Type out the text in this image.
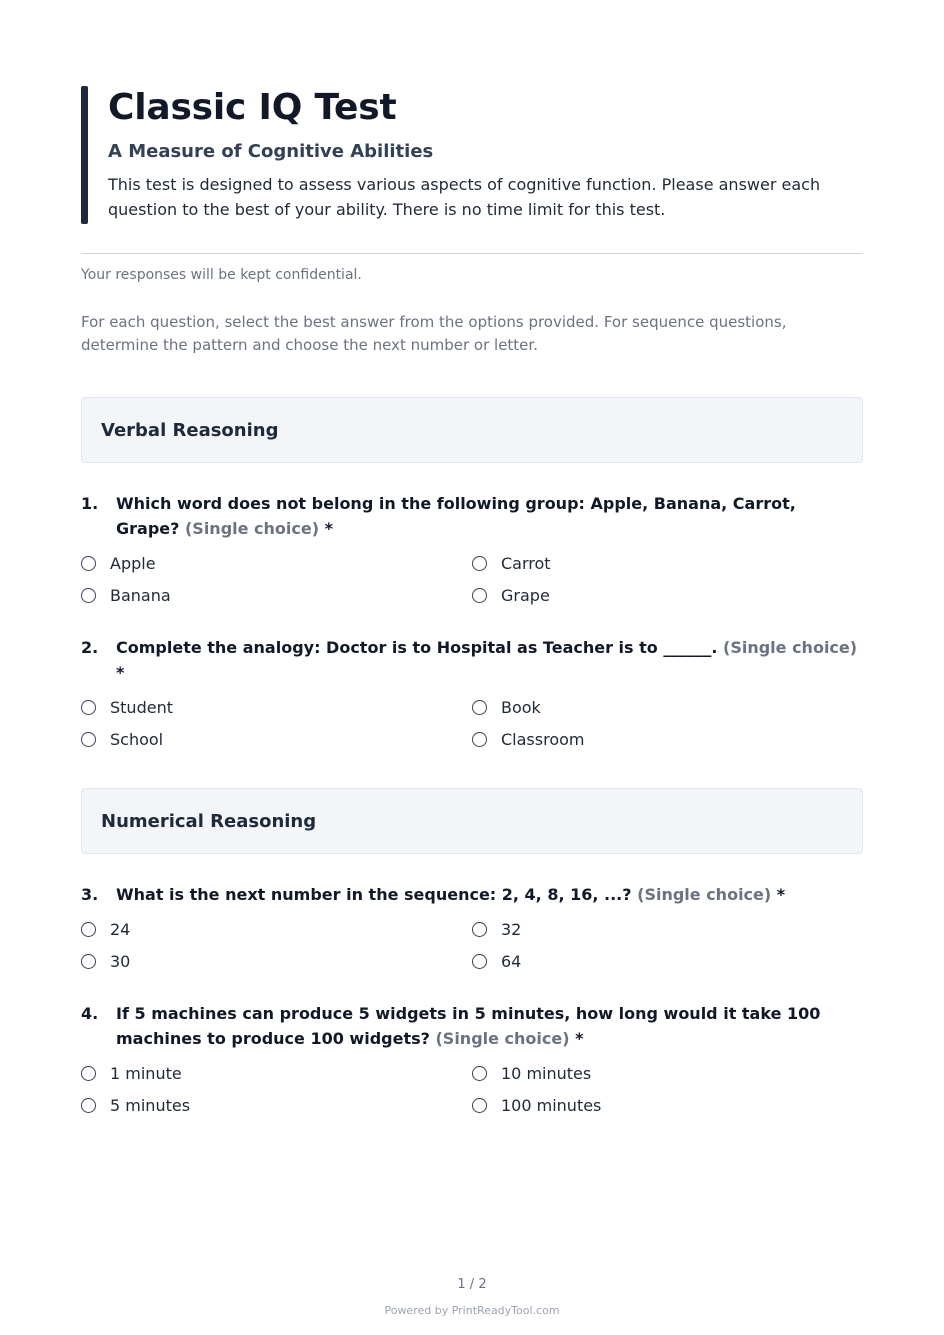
Classic IQ Test
A Measure of Cognitive Abilities
This test is designed to assess various aspects of cognitive function. Please answer each question to the best of your ability. There is no time limit for this test.
Your responses will be kept confidential.
For each question, select the best answer from the options provided. For sequence questions, determine the pattern and choose the next number or letter.
Verbal Reasoning
1.	Which word does not belong in the following group: Apple, Banana, Carrot, Grape? (Single choice) *
Apple	Carrot
Banana	Grape
2.	Complete the analogy: Doctor is to Hospital as Teacher is to ______. (Single choice) *
Student	Book
School	Classroom
Numerical Reasoning
3.	What is the next number in the sequence: 2, 4, 8, 16, ...? (Single choice) *
24	32
30	64
4.	If 5 machines can produce 5 widgets in 5 minutes, how long would it take 100 machines to produce 100 widgets? (Single choice) *
1 minute	10 minutes
5 minutes	100 minutes
1 / 2
Powered by PrintReadyTool.com
